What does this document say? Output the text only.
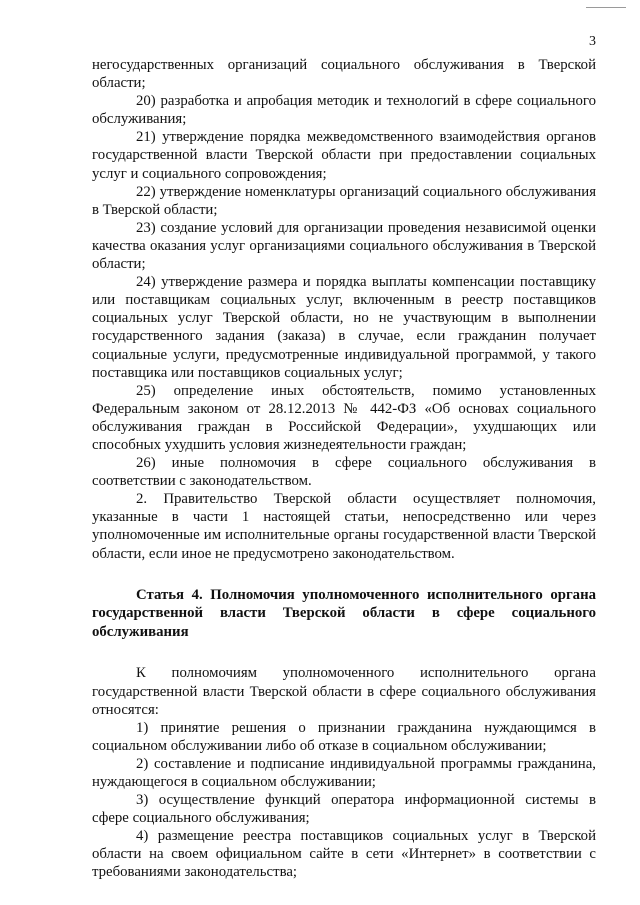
3

негосударственных организаций социального обслуживания в Тверской области;

20) разработка и апробация методик и технологий в сфере социального обслуживания;

21) утверждение порядка межведомственного взаимодействия органов государственной власти Тверской области при предоставлении социальных услуг и социального сопровождения;

22) утверждение номенклатуры организаций социального обслуживания в Тверской области;

23) создание условий для организации проведения независимой оценки качества оказания услуг организациями социального обслуживания в Тверской области;

24) утверждение размера и порядка выплаты компенсации поставщику или поставщикам социальных услуг, включенным в реестр поставщиков социальных услуг Тверской области, но не участвующим в выполнении государственного задания (заказа) в случае, если гражданин получает социальные услуги, предусмотренные индивидуальной программой, у такого поставщика или поставщиков социальных услуг;

25) определение иных обстоятельств, помимо установленных Федеральным законом от 28.12.2013 № 442-ФЗ «Об основах социального обслуживания граждан в Российской Федерации», ухудшающих или способных ухудшить условия жизнедеятельности граждан;

26) иные полномочия в сфере социального обслуживания в соответствии с законодательством.

2. Правительство Тверской области осуществляет полномочия, указанные в части 1 настоящей статьи, непосредственно или через уполномоченные им исполнительные органы государственной власти Тверской области, если иное не предусмотрено законодательством.

Статья 4. Полномочия уполномоченного исполнительного органа государственной власти Тверской области в сфере социального обслуживания

К полномочиям уполномоченного исполнительного органа государственной власти Тверской области в сфере социального обслуживания относятся:

1) принятие решения о признании гражданина нуждающимся в социальном обслуживании либо об отказе в социальном обслуживании;

2) составление и подписание индивидуальной программы гражданина, нуждающегося в социальном обслуживании;

3) осуществление функций оператора информационной системы в сфере социального обслуживания;

4) размещение реестра поставщиков социальных услуг в Тверской области на своем официальном сайте в сети «Интернет» в соответствии с требованиями законодательства;
